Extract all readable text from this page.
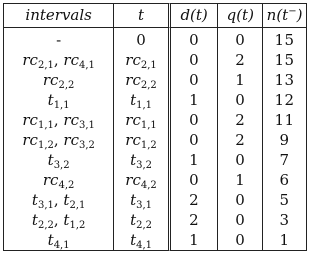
intervals	t	d(t)	q(t)	n(t−)
-	0	0	0	15
$rc_{2,1}$, $rc_{4,1}$	$rc_{2,1}$	0	2	15
$rc_{2,2}$	$rc_{2,2}$	0	1	13
$t_{1,1}$	$t_{1,1}$	1	0	12
$rc_{1,1}$, $rc_{3,1}$	$rc_{1,1}$	0	2	11
$rc_{1,2}$, $rc_{3,2}$	$rc_{1,2}$	0	2	9
$t_{3,2}$	$t_{3,2}$	1	0	7
$rc_{4,2}$	$rc_{4,2}$	0	1	6
$t_{3,1}$, $t_{2,1}$	$t_{3,1}$	2	0	5
$t_{2,2}$, $t_{1,2}$	$t_{2,2}$	2	0	3
$t_{4,1}$	$t_{4,1}$	1	0	1
